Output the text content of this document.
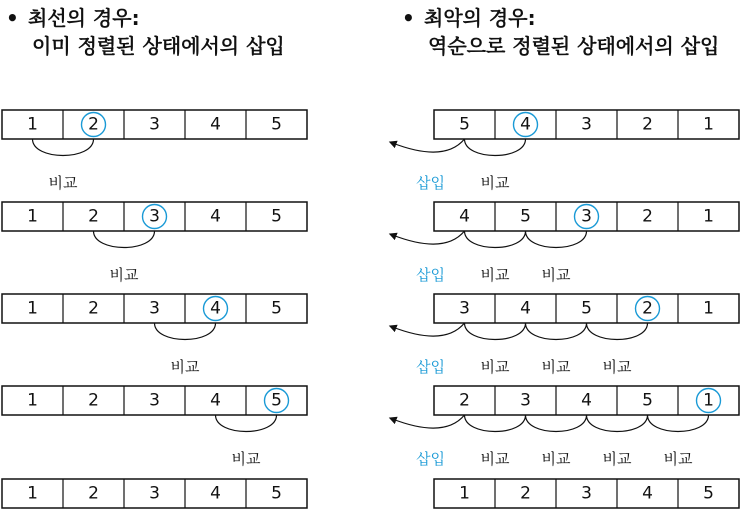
• 최선의 경우:
이미 정렬된 상태에서의 삽입
• 최악의 경우:
역순으로 정렬된 상태에서의 삽입
1	2	3	4	5
비교
1	2	3	4	5
비교
1	2	3	4	5
비교
1	2	3	4	5
비교
1	2	3	4	5
5	4	3	2	1
비교
삽입
4	5	3	2	1
비교
비교
삽입
3	4	5	2	1
비교
비교
비교
삽입
2	3	4	5	1
비교
비교
비교
비교
삽입
1	2	3	4	5
